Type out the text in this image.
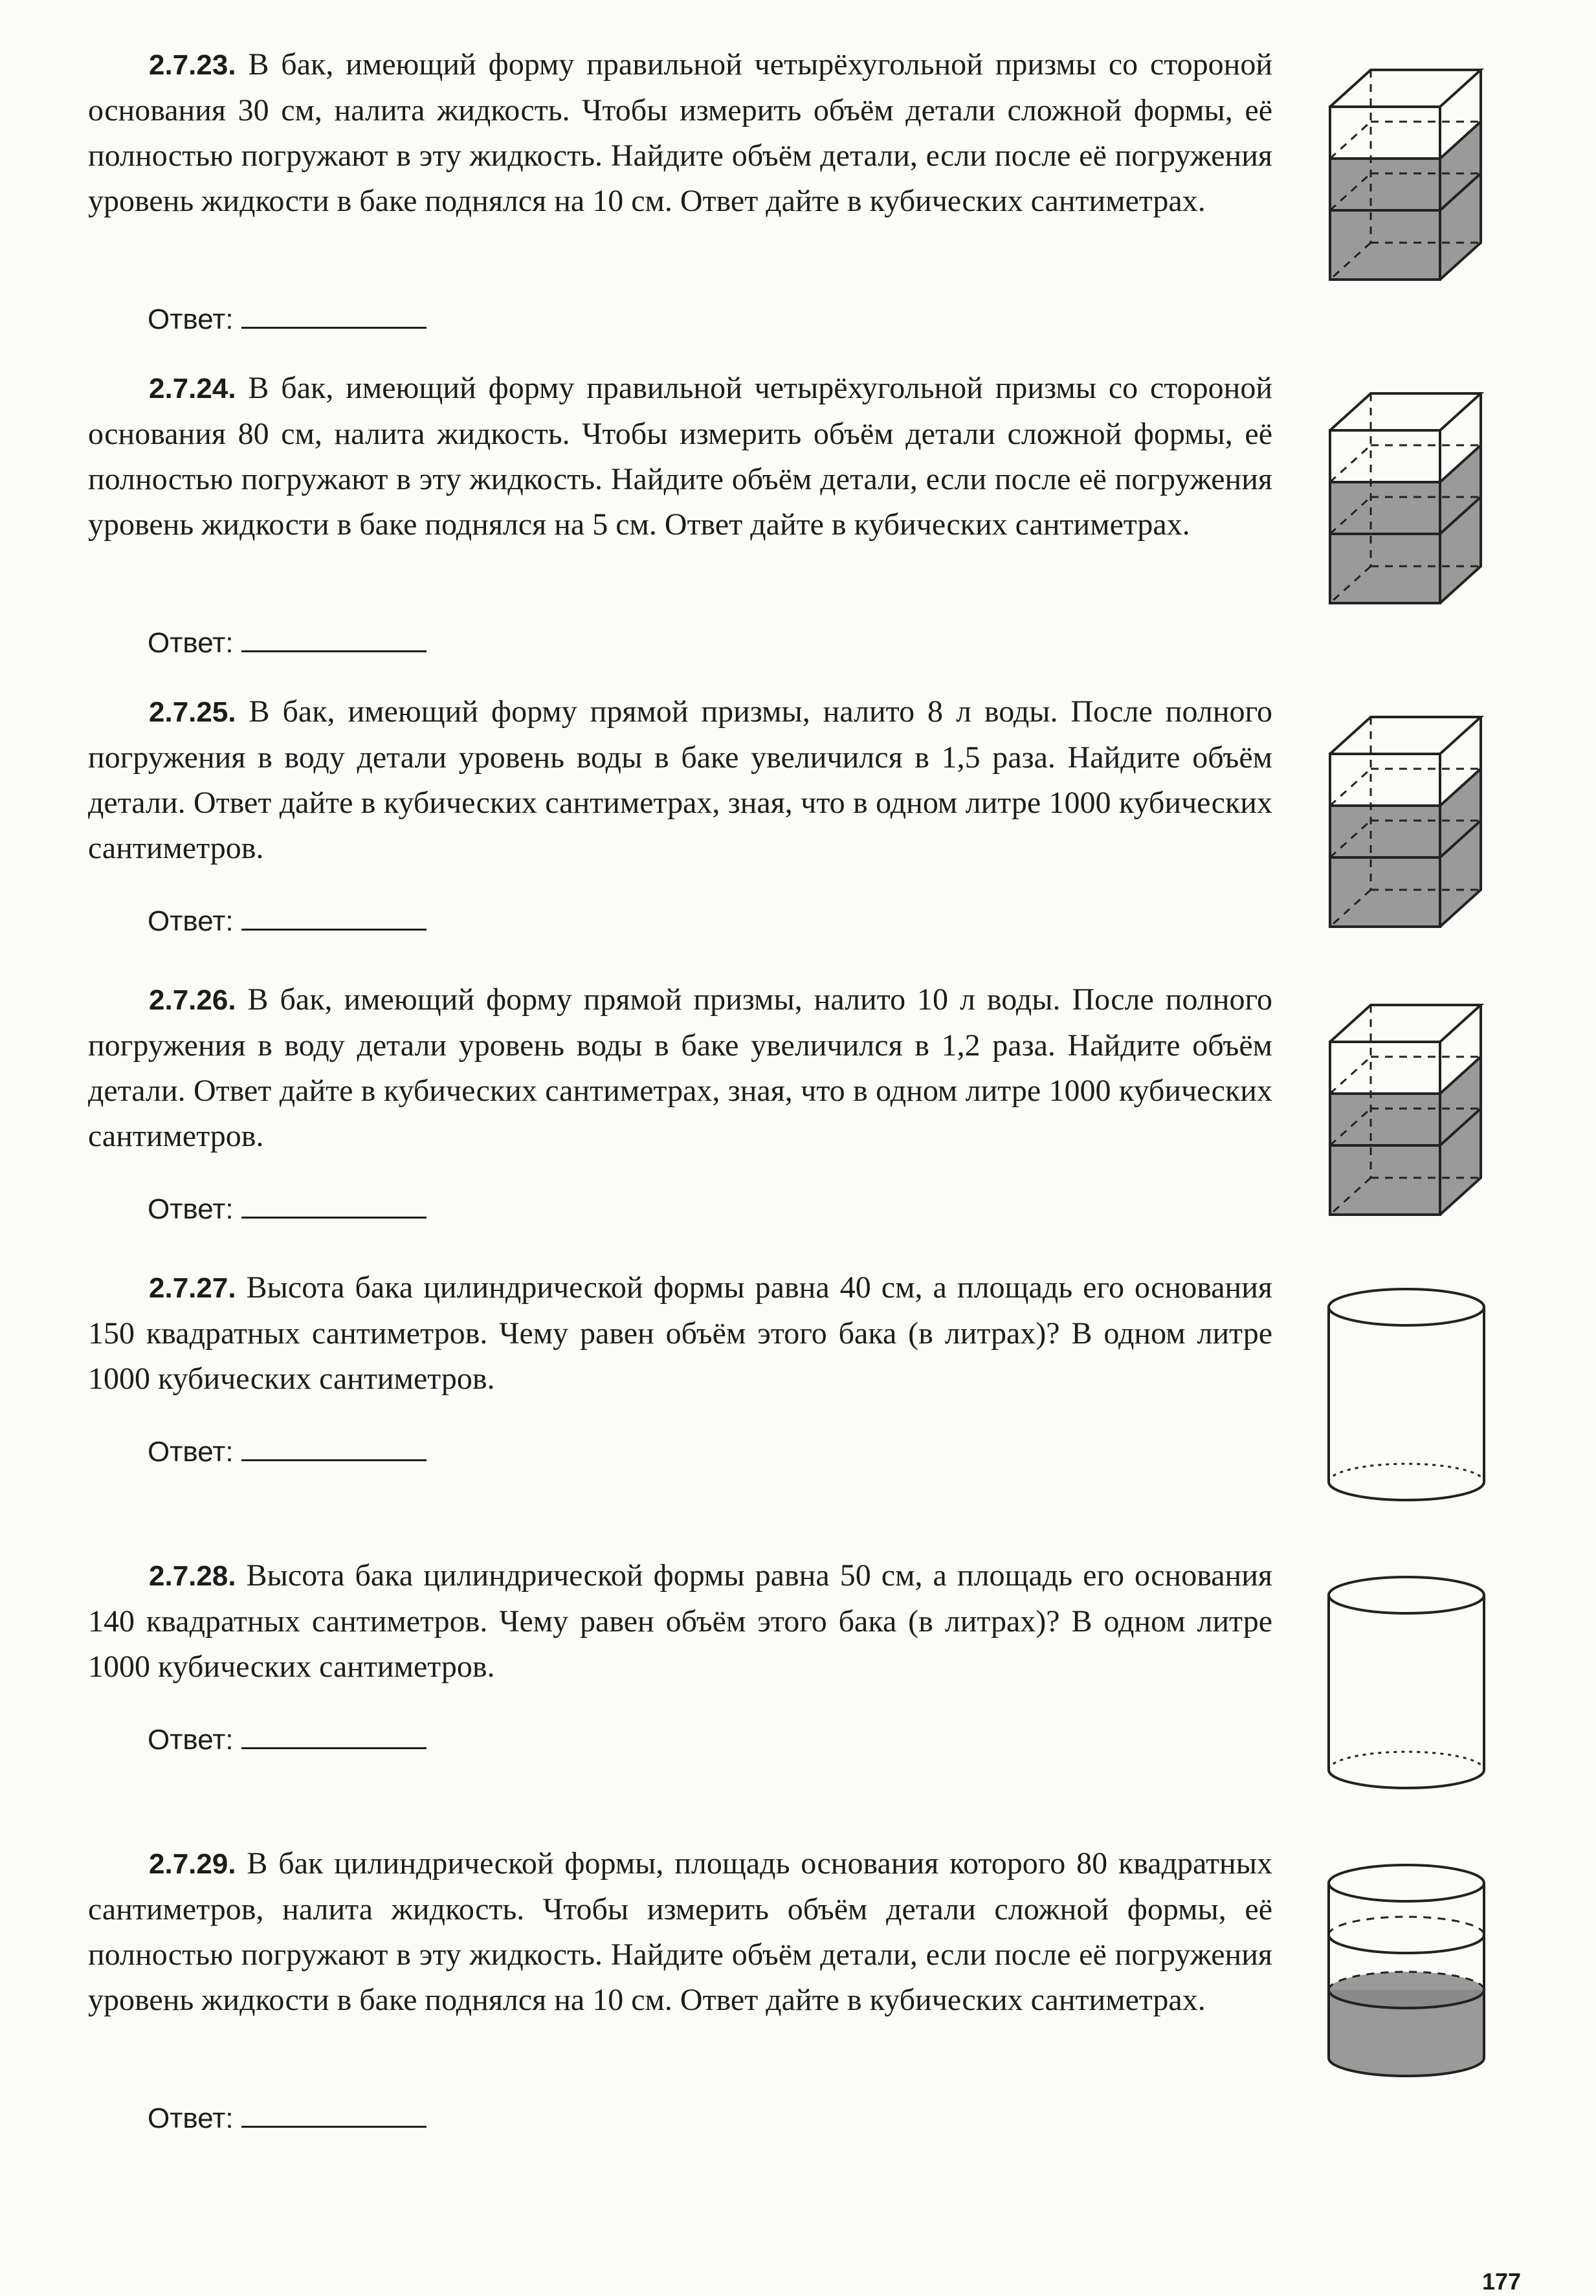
2.7.23. В бак, имеющий форму правильной четырёхугольной призмы со стороной основания 30 см, налита жидкость. Чтобы измерить объём детали сложной формы, её полностью погружают в эту жидкость. Найдите объём детали, если после её погружения уровень жидкости в баке поднялся на 10 см. Ответ дайте в кубических сантиметрах.

Ответ:

2.7.24. В бак, имеющий форму правильной четырёхугольной призмы со стороной основания 80 см, налита жидкость. Чтобы измерить объём детали сложной формы, её полностью погружают в эту жидкость. Найдите объём детали, если после её погружения уровень жидкости в баке поднялся на 5 см. Ответ дайте в кубических сантиметрах.

Ответ:

2.7.25. В бак, имеющий форму прямой призмы, налито 8 л воды. После полного погружения в воду детали уровень воды в баке увеличился в 1,5 раза. Найдите объём детали. Ответ дайте в кубических сантиметрах, зная, что в одном литре 1000 кубических сантиметров.

Ответ:

2.7.26. В бак, имеющий форму прямой призмы, налито 10 л воды. После полного погружения в воду детали уровень воды в баке увеличился в 1,2 раза. Найдите объём детали. Ответ дайте в кубических сантиметрах, зная, что в одном литре 1000 кубических сантиметров.

Ответ:

2.7.27. Высота бака цилиндрической формы равна 40 см, а площадь его основания 150 квадратных сантиметров. Чему равен объём этого бака (в литрах)? В одном литре 1000 кубических сантиметров.

Ответ:

2.7.28. Высота бака цилиндрической формы равна 50 см, а площадь его основания 140 квадратных сантиметров. Чему равен объём этого бака (в литрах)? В одном литре 1000 кубических сантиметров.

Ответ:

2.7.29. В бак цилиндрической формы, площадь основания которого 80 квадратных сантиметров, налита жидкость. Чтобы измерить объём детали сложной формы, её полностью погружают в эту жидкость. Найдите объём детали, если после её погружения уровень жидкости в баке поднялся на 10 см. Ответ дайте в кубических сантиметрах.

Ответ:
177
